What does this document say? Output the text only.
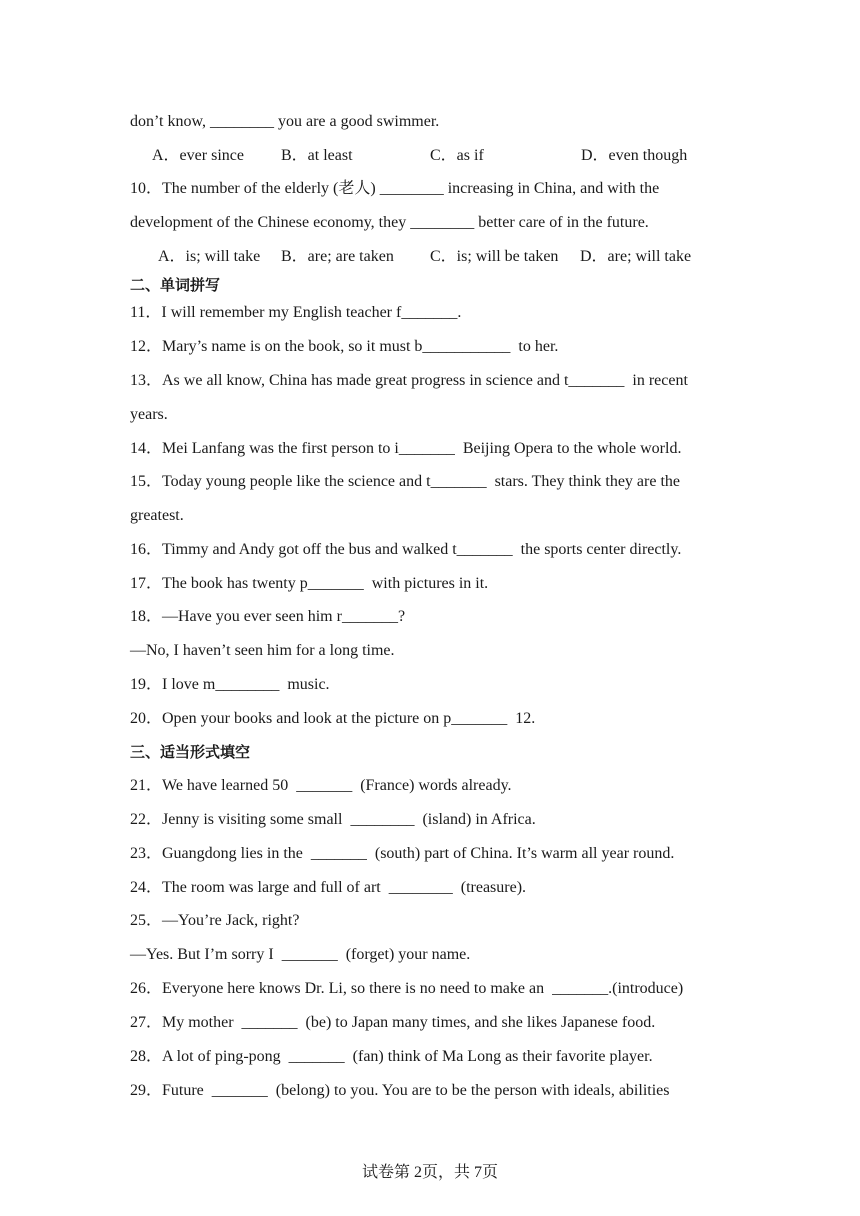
don’t know, ________ you are a good swimmer.
A．ever since B．at least	C．as if	D．even though
10．The number of the elderly (老人) ________ increasing in China, and with the
development of the Chinese economy, they ________ better care of in the future.
A．is; will take B．are; are taken C．is; will be taken D．are; will take
二、单词拼写
11．I will remember my English teacher f_______.
12．Mary’s name is on the book, so it must b___________  to her.
13．As we all know, China has made great progress in science and t_______  in recent
years.
14．Mei Lanfang was the first person to i_______  Beijing Opera to the whole world.
15．Today young people like the science and t_______  stars. They think they are the
greatest.
16．Timmy and Andy got off the bus and walked t_______  the sports center directly.
17．The book has twenty p_______  with pictures in it.
18．—Have you ever seen him r_______?
—No, I haven’t seen him for a long time.
19．I love m________  music.
20．Open your books and look at the picture on p_______  12.
三、适当形式填空
21．We have learned 50  _______  (France) words already.
22．Jenny is visiting some small  ________  (island) in Africa.
23．Guangdong lies in the  _______  (south) part of China. It’s warm all year round.
24．The room was large and full of art  ________  (treasure).
25．—You’re Jack, right?
—Yes. But I’m sorry I  _______  (forget) your name.
26．Everyone here knows Dr. Li, so there is no need to make an  _______.(introduce)
27．My mother  _______  (be) to Japan many times, and she likes Japanese food.
28．A lot of ping-pong  _______  (fan) think of Ma Long as their favorite player.
29．Future  _______  (belong) to you. You are to be the person with ideals, abilities
试卷第 2页，共 7页
